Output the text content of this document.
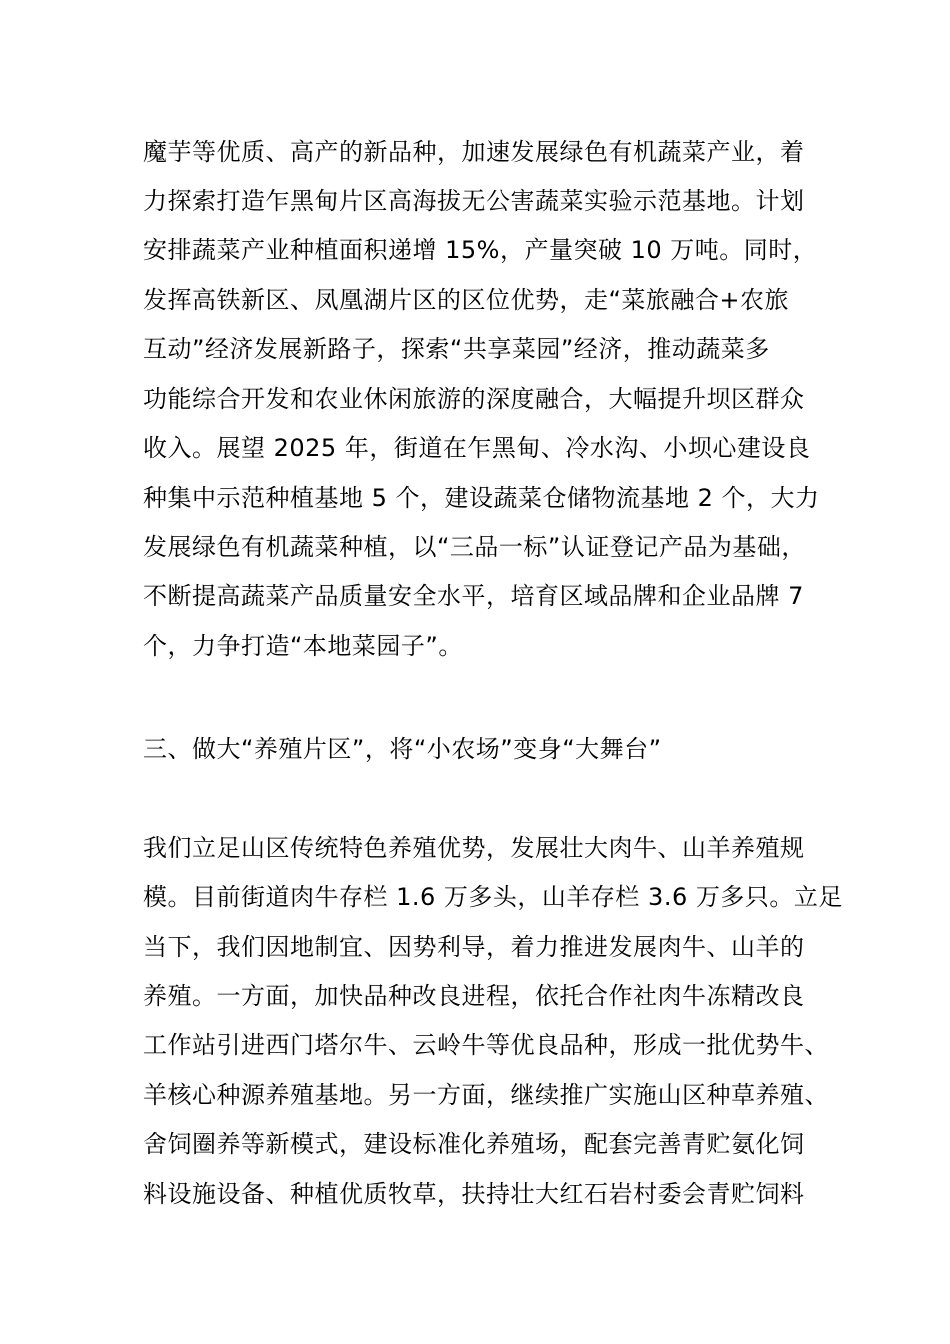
魔芋等优质、高产的新品种，加速发展绿色有机蔬菜产业，着
力探索打造乍黑甸片区高海拔无公害蔬菜实验示范基地。计划
安排蔬菜产业种植面积递增 15%，产量突破 10 万吨。同时，
发挥高铁新区、凤凰湖片区的区位优势，走“菜旅融合+农旅
互动”经济发展新路子，探索“共享菜园”经济，推动蔬菜多
功能综合开发和农业休闲旅游的深度融合，大幅提升坝区群众
收入。展望 2025 年，街道在乍黑甸、冷水沟、小坝心建设良
种集中示范种植基地 5 个，建设蔬菜仓储物流基地 2 个，大力
发展绿色有机蔬菜种植，以“三品一标”认证登记产品为基础，
不断提高蔬菜产品质量安全水平，培育区域品牌和企业品牌 7
个，力争打造“本地菜园子”。
三、做大“养殖片区”，将“小农场”变身“大舞台”
我们立足山区传统特色养殖优势，发展壮大肉牛、山羊养殖规
模。目前街道肉牛存栏 1.6 万多头，山羊存栏 3.6 万多只。立足
当下，我们因地制宜、因势利导，着力推进发展肉牛、山羊的
养殖。一方面，加快品种改良进程，依托合作社肉牛冻精改良
工作站引进西门塔尔牛、云岭牛等优良品种，形成一批优势牛、
羊核心种源养殖基地。另一方面，继续推广实施山区种草养殖、
舍饲圈养等新模式，建设标准化养殖场，配套完善青贮氨化饲
料设施设备、种植优质牧草，扶持壮大红石岩村委会青贮饲料
